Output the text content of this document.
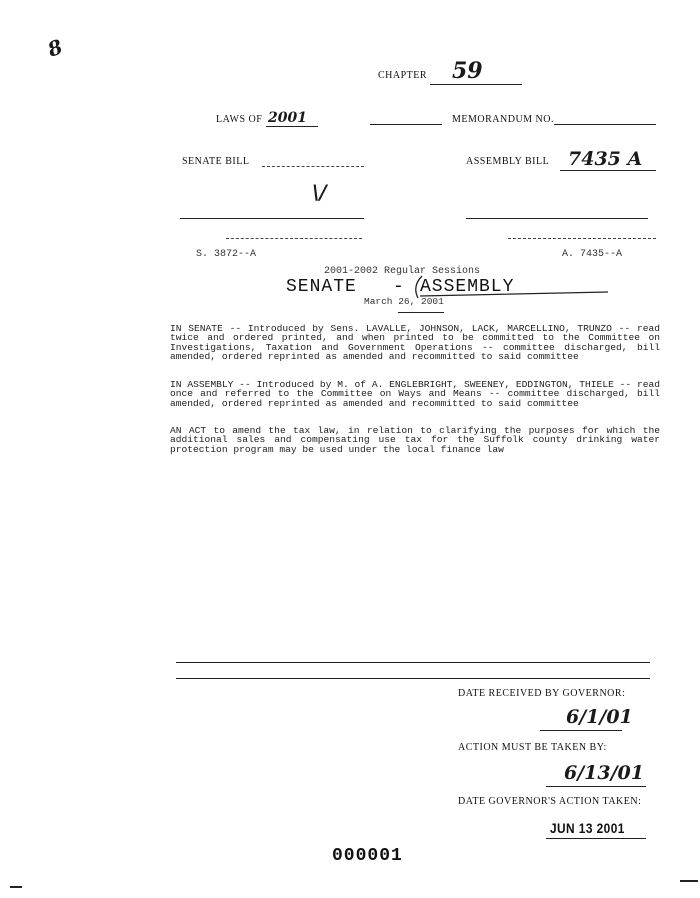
8
CHAPTER 59
LAWS OF 2001	MEMORANDUM NO.
SENATE BILL	ASSEMBLY BILL 7435 A
\/
S. 3872--A	A. 7435--A
2001-2002 Regular Sessions
SENATE - ASSEMBLY
March 26, 2001
IN SENATE -- Introduced by Sens. LAVALLE, JOHNSON, LACK, MARCELLINO, TRUNZO -- read twice and ordered printed, and when printed to be committed to the Committee on Investigations, Taxation and Government Operations -- committee discharged, bill amended, ordered reprinted as amended and recommitted to said committee
IN ASSEMBLY -- Introduced by M. of A. ENGLEBRIGHT, SWEENEY, EDDINGTON, THIELE -- read once and referred to the Committee on Ways and Means -- committee discharged, bill amended, ordered reprinted as amended and recommitted to said committee
AN ACT to amend the tax law, in relation to clarifying the purposes for which the additional sales and compensating use tax for the Suffolk county drinking water protection program may be used under the local finance law
DATE RECEIVED BY GOVERNOR:
6/1/01
ACTION MUST BE TAKEN BY:
6/13/01
DATE GOVERNOR'S ACTION TAKEN:
JUN 13 2001
000001
